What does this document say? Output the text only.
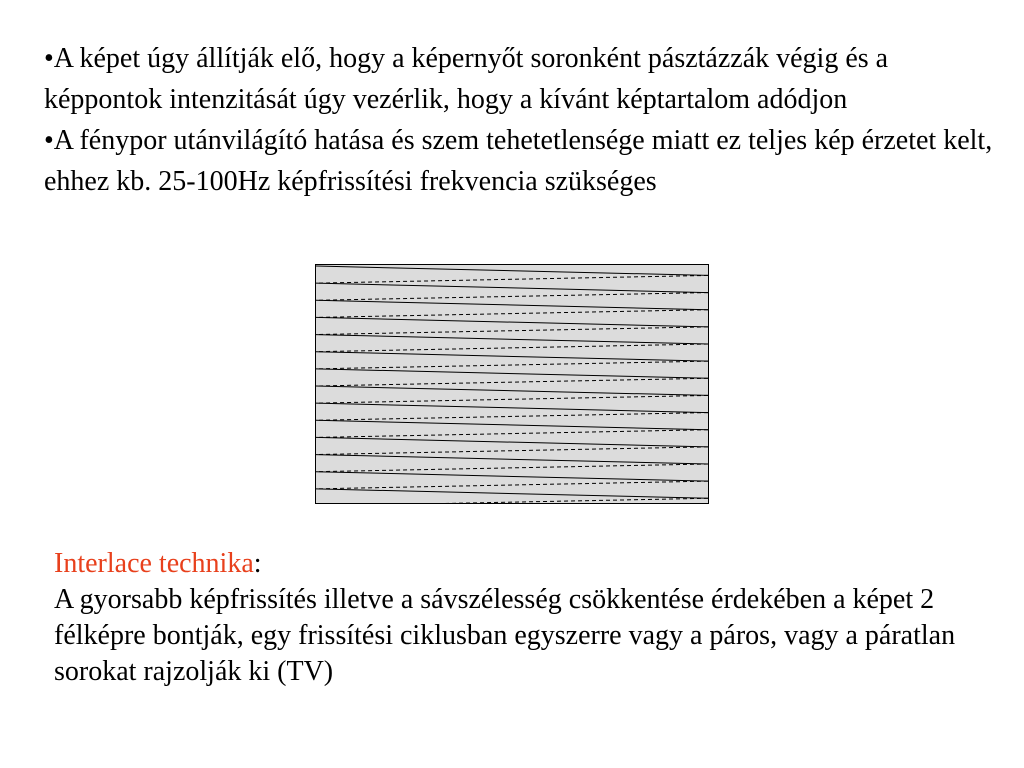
•A képet úgy állítják elő, hogy a képernyőt soronként pásztázzák végig és a képpontok intenzitását úgy vezérlik, hogy a kívánt képtartalom adódjon

•A fénypor utánvilágító hatása és szem tehetetlensége miatt ez teljes kép érzetet kelt, ehhez kb. 25-100Hz képfrissítési frekvencia szükséges

Interlace technika:

A gyorsabb képfrissítés illetve a sávszélesség csökkentése érdekében a képet 2 félképre bontják, egy frissítési ciklusban egyszerre vagy a páros, vagy a páratlan sorokat rajzolják ki (TV)
